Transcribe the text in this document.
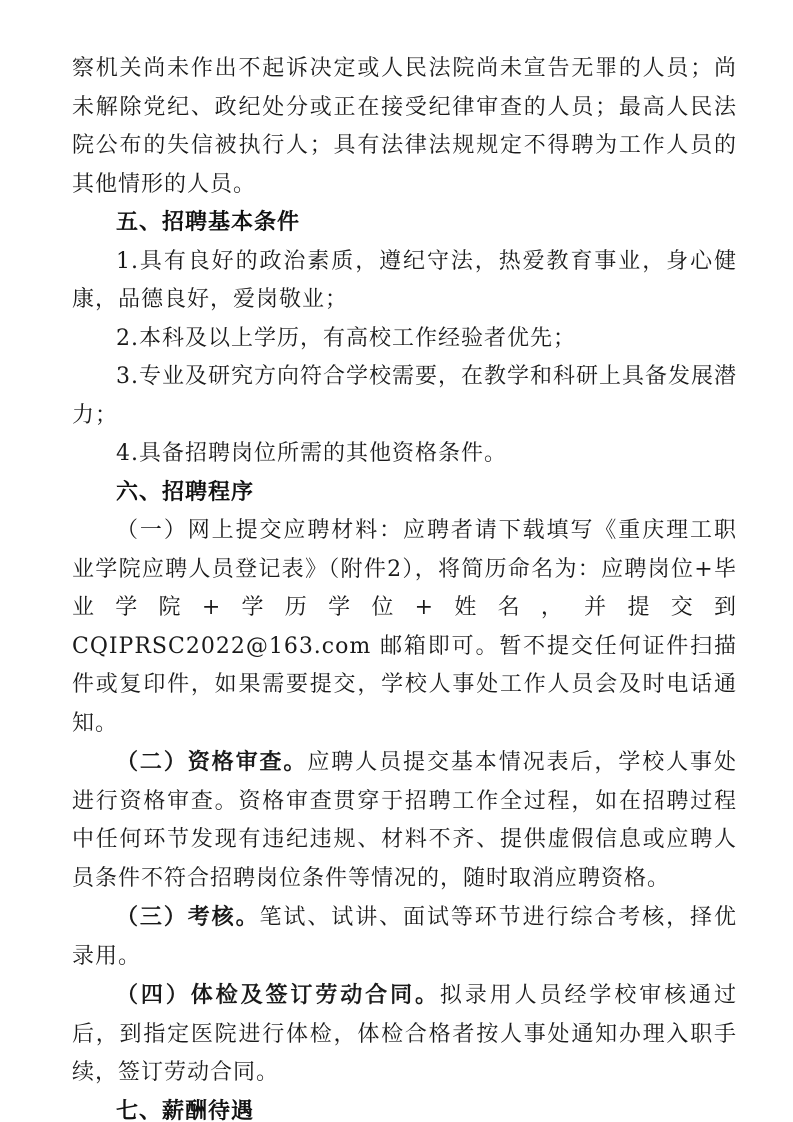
察机关尚未作出不起诉决定或人民法院尚未宣告无罪的人员；尚未解除党纪、政纪处分或正在接受纪律审查的人员；最高人民法院公布的失信被执行人；具有法律法规规定不得聘为工作人员的其他情形的人员。

五、招聘基本条件

1.具有良好的政治素质，遵纪守法，热爱教育事业，身心健康，品德良好，爱岗敬业；

2.本科及以上学历，有高校工作经验者优先；

3.专业及研究方向符合学校需要，在教学和科研上具备发展潜力；

4.具备招聘岗位所需的其他资格条件。

六、招聘程序

（一）网上提交应聘材料：应聘者请下载填写《重庆理工职业学院应聘人员登记表》（附件2），将简历命名为：应聘岗位+毕业学院+学历学位+姓名，并提交到 CQIPRSC2022@163.com 邮箱即可。暂不提交任何证件扫描件或复印件，如果需要提交，学校人事处工作人员会及时电话通知。

（二）资格审查。应聘人员提交基本情况表后，学校人事处进行资格审查。资格审查贯穿于招聘工作全过程，如在招聘过程中任何环节发现有违纪违规、材料不齐、提供虚假信息或应聘人员条件不符合招聘岗位条件等情况的，随时取消应聘资格。

（三）考核。笔试、试讲、面试等环节进行综合考核，择优录用。

（四）体检及签订劳动合同。拟录用人员经学校审核通过后，到指定医院进行体检，体检合格者按人事处通知办理入职手续，签订劳动合同。

七、薪酬待遇
